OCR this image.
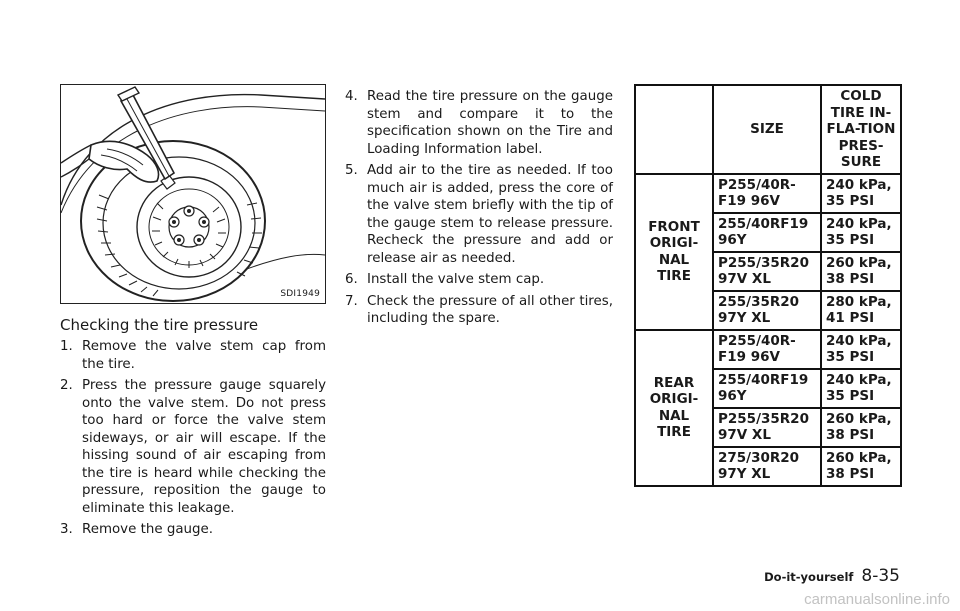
SDI1949
Checking the tire pressure
1. Remove the valve stem cap from the tire.
2. Press the pressure gauge squarely onto the valve stem. Do not press too hard or force the valve stem sideways, or air will escape. If the hissing sound of air escaping from the tire is heard while checking the pressure, reposition the gauge to eliminate this leakage.
3. Remove the gauge.
4. Read the tire pressure on the gauge stem and compare it to the specification shown on the Tire and Loading Information label.
5. Add air to the tire as needed. If too much air is added, press the core of the valve stem briefly with the tip of the gauge stem to release pressure. Recheck the pressure and add or release air as needed.
6. Install the valve stem cap.
7. Check the pressure of all other tires, including the spare.
	SIZE	COLD TIRE IN-FLA-TION PRES-SURE
FRONT ORIGI-NAL TIRE	P255/40R-F19 96V	240 kPa, 35 PSI
	255/40RF19 96Y	240 kPa, 35 PSI
	P255/35R20 97V XL	260 kPa, 38 PSI
	255/35R20 97Y XL	280 kPa, 41 PSI
REAR ORIGI-NAL TIRE	P255/40R-F19 96V	240 kPa, 35 PSI
	255/40RF19 96Y	240 kPa, 35 PSI
	P255/35R20 97V XL	260 kPa, 38 PSI
	275/30R20 97Y XL	260 kPa, 38 PSI
Do-it-yourself 8-35
carmanualsonline.info
